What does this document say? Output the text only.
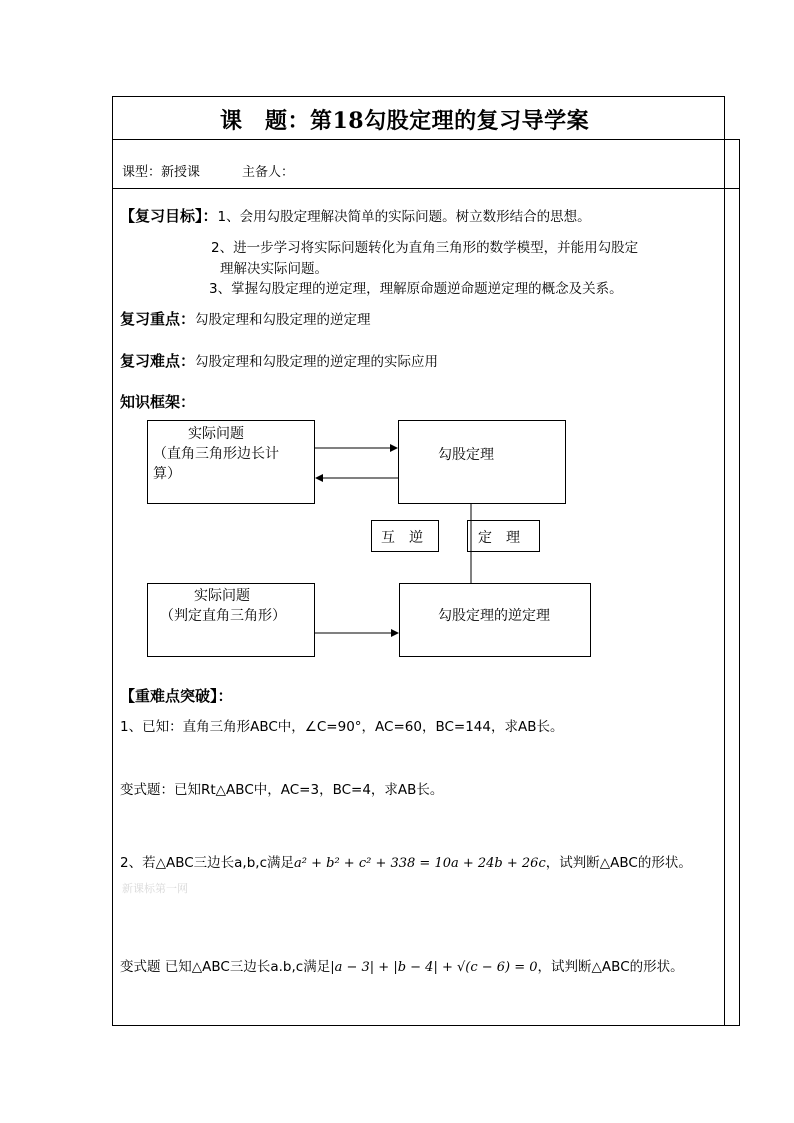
课　题：第18勾股定理的复习导学案
课型：新授课	主备人：
【复习目标】：1、会用勾股定理解决简单的实际问题。树立数形结合的思想。
2、进一步学习将实际问题转化为直角三角形的数学模型，并能用勾股定
理解决实际问题。
3、掌握勾股定理的逆定理，理解原命题逆命题逆定理的概念及关系。
复习重点：勾股定理和勾股定理的逆定理
复习难点：勾股定理和勾股定理的逆定理的实际应用
知识框架：
实际问题
（直角三角形边长计
算）
勾股定理
互　逆	定　理
实际问题
（判定直角三角形）	勾股定理的逆定理
【重难点突破】：
1、已知：直角三角形ABC中，∠C=90°，AC=60，BC=144，求AB长。
变式题：已知Rt△ABC中，AC=3，BC=4，求AB长。
2、若△ABC三边长a,b,c满足a² + b² + c² + 338 = 10a + 24b + 26c，试判断△ABC的形状。
新课标第一网
变式题 已知△ABC三边长a.b,c满足|a − 3| + |b − 4| + √(c − 6) = 0，试判断△ABC的形状。
